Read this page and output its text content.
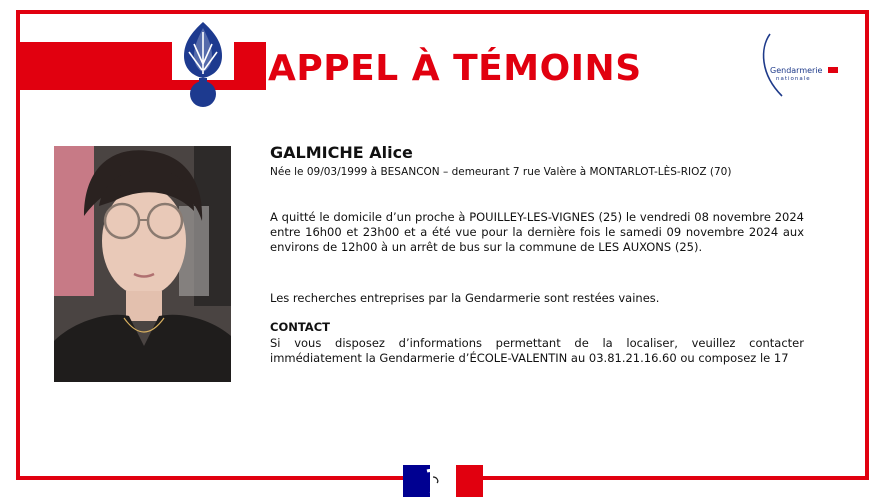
APPEL À TÉMOINS	Gendarmerie
nationale
GALMICHE Alice
Née le 09/03/1999 à BESANCON – demeurant 7 rue Valère à MONTARLOT-LÈS-RIOZ (70)
A quitté le domicile d’un proche à POUILLEY-LES-VIGNES (25) le vendredi 08 novembre 2024 entre 16h00 et 23h00 et a été vue pour la dernière fois le samedi 09 novembre 2024 aux environs de 12h00 à un arrêt de bus sur la commune de LES AUXONS (25).
Les recherches entreprises par la Gendarmerie sont restées vaines.
CONTACT
Si vous disposez d’informations permettant de la localiser, veuillez contacter immédiatement la Gendarmerie d’ÉCOLE-VALENTIN au 03.81.21.16.60 ou composez le 17
